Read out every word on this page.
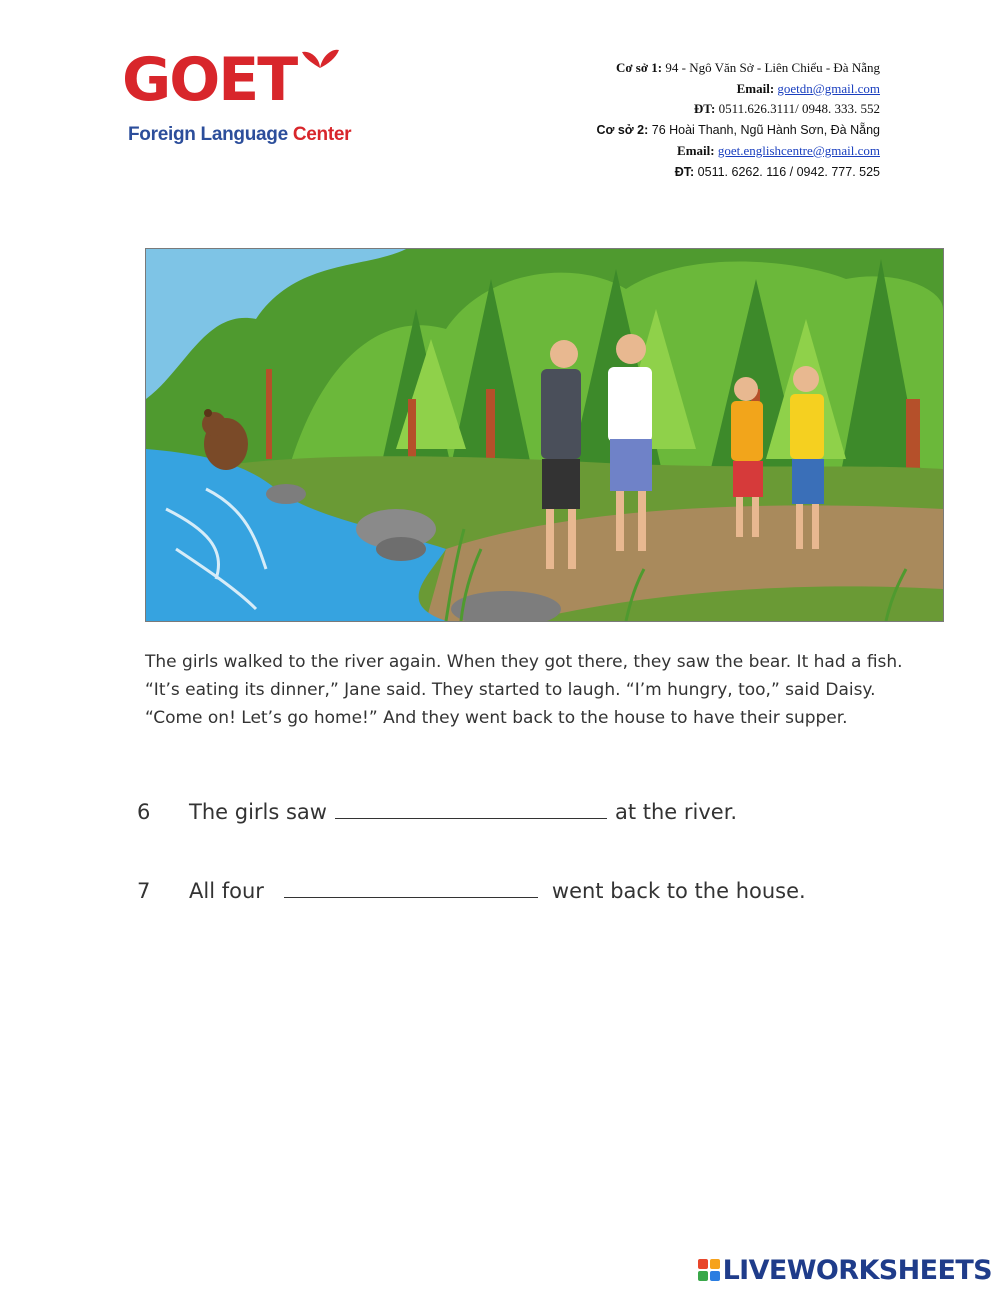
GOET
Foreign Language Center
Cơ sở 1: 94 - Ngô Văn Sở - Liên Chiểu - Đà Nẵng
Email: goetdn@gmail.com
ĐT: 0511.626.3111/ 0948. 333. 552
Cơ sở 2: 76 Hoài Thanh, Ngũ Hành Sơn, Đà Nẵng
Email: goet.englishcentre@gmail.com
ĐT: 0511. 6262. 116 / 0942. 777. 525

The girls walked to the river again. When they got there, they saw the bear. It had a fish. “It’s eating its dinner,” Jane said. They started to laugh. “I’m hungry, too,” said Daisy. “Come on! Let’s go home!” And they went back to the house to have their supper.

6 The girls saw	at the river.
7 All four	went back to the house.
LIVEWORKSHEETS
